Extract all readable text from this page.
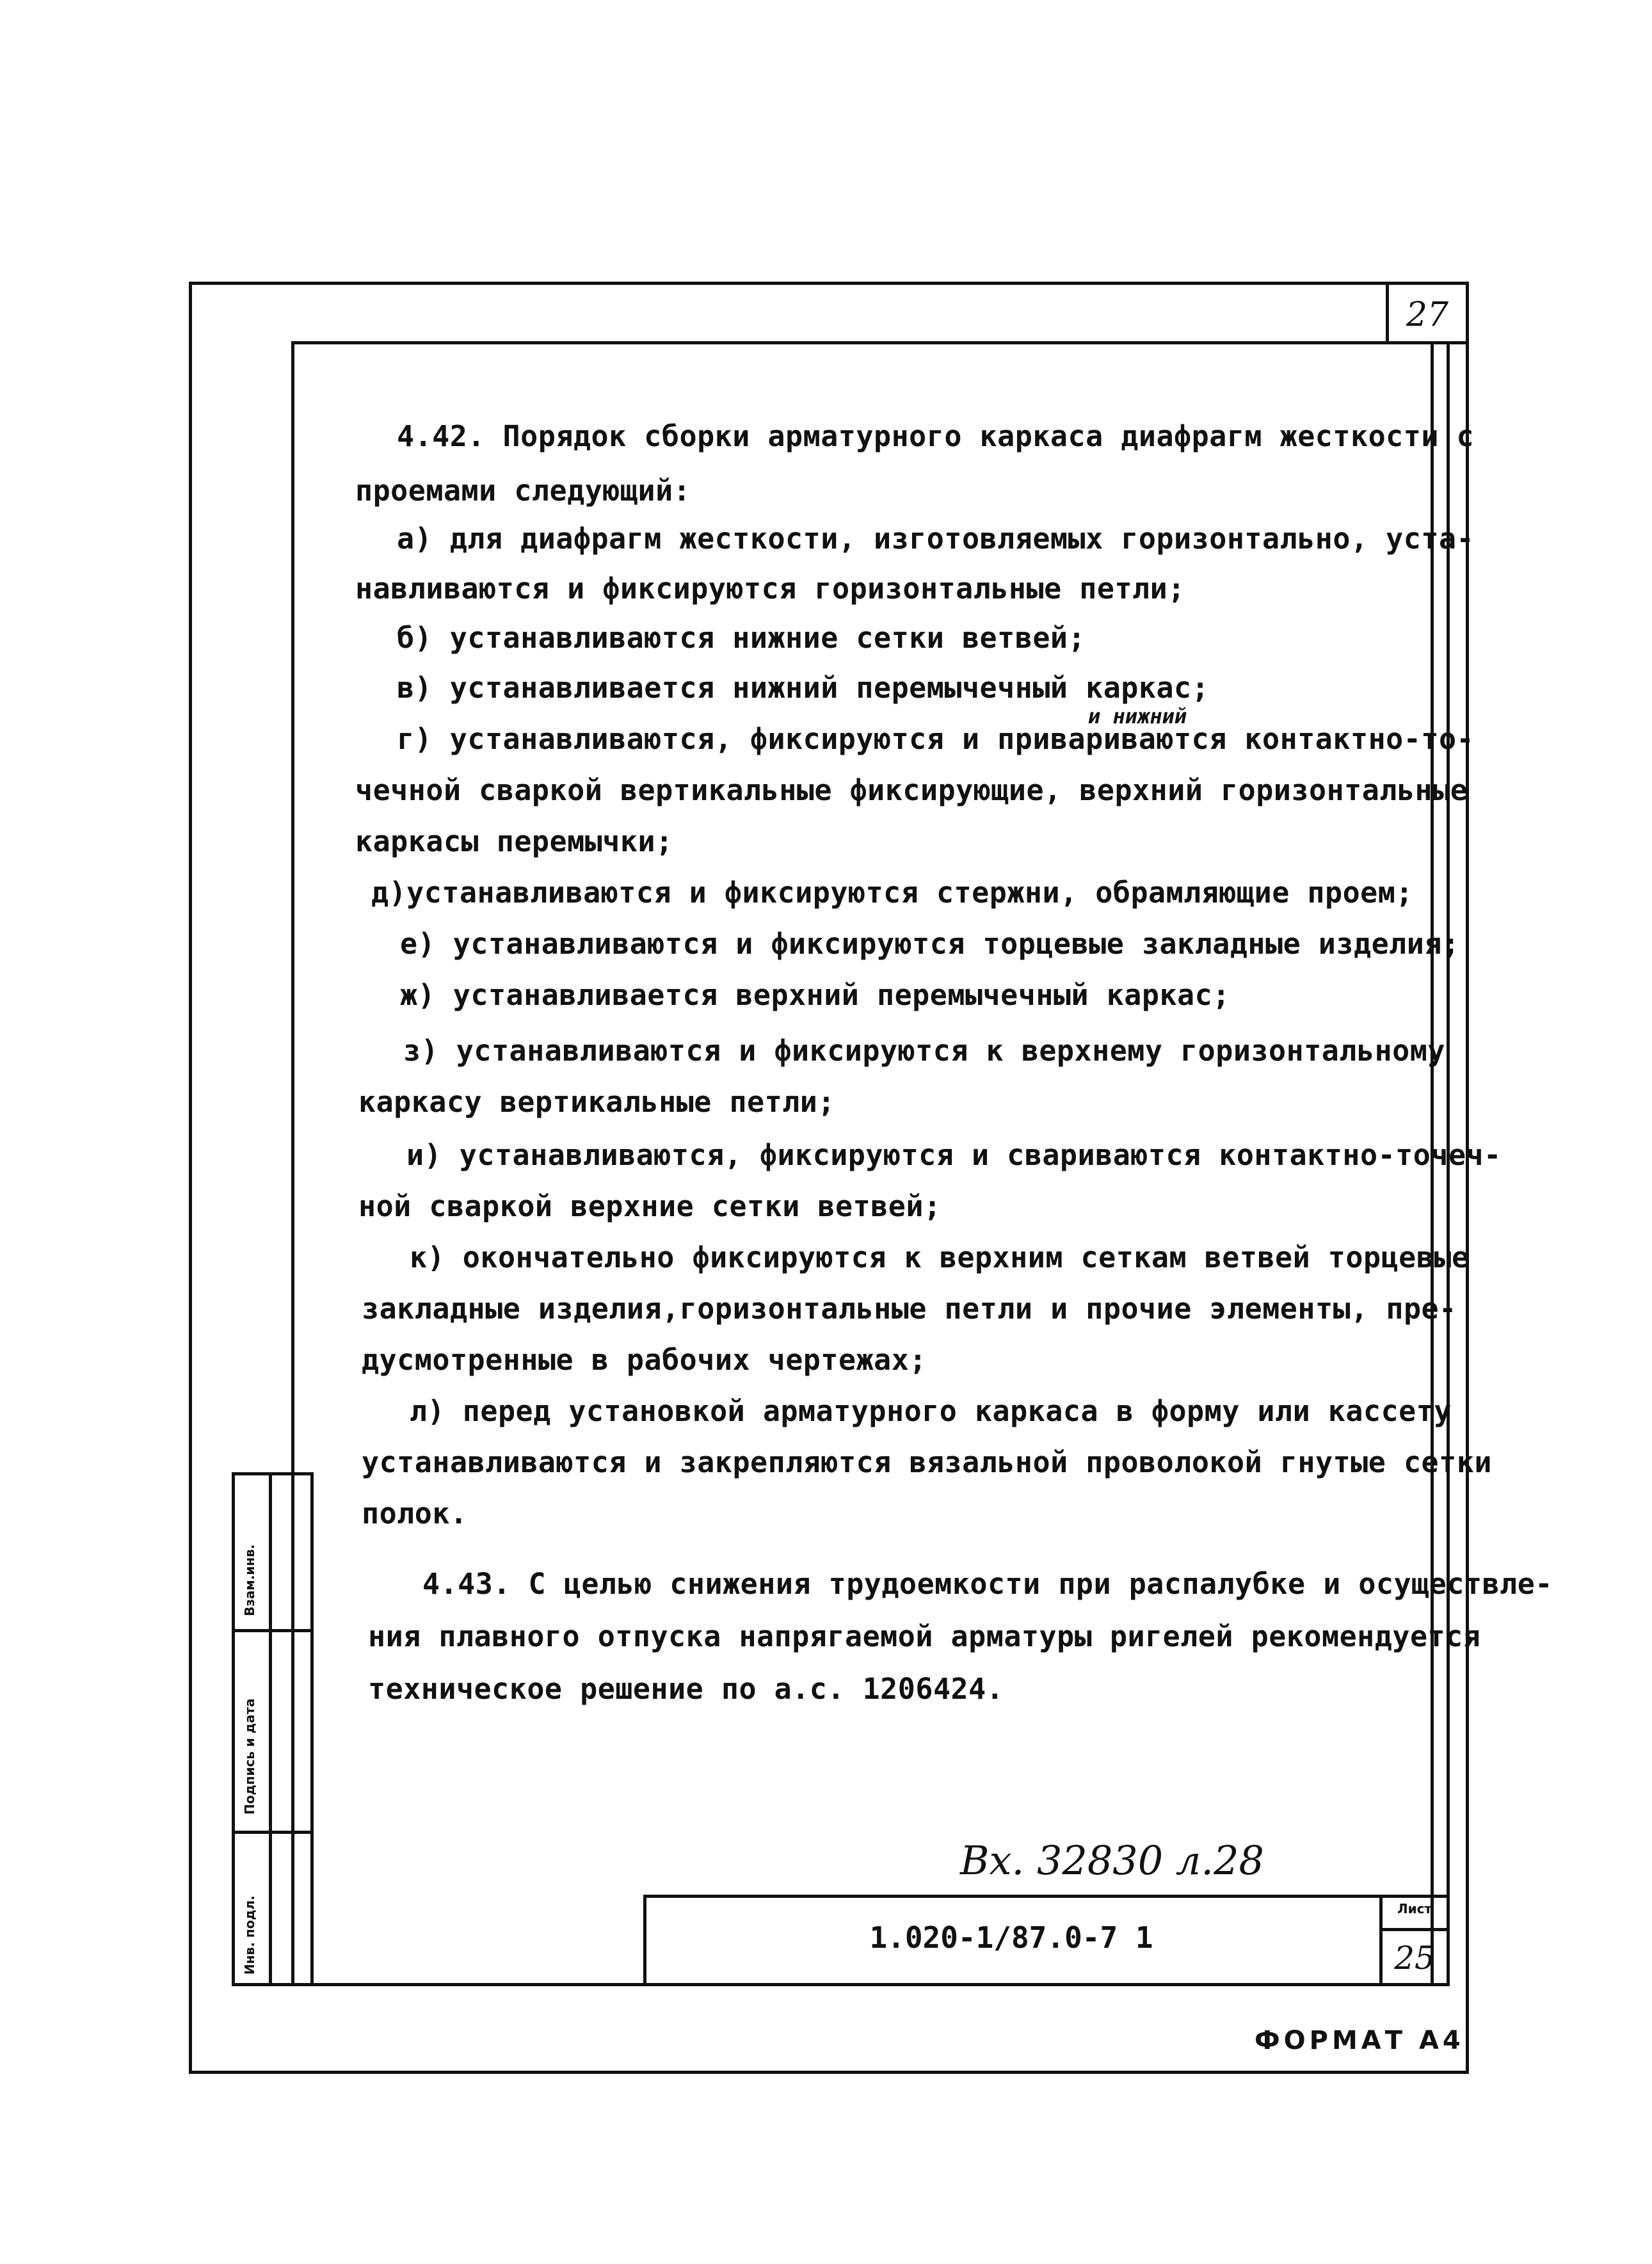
27
4.42. Порядок сборки арматурного каркаса диафрагм жесткости с
проемами следующий:
а) для диафрагм жесткости, изготовляемых горизонтально, уста-
навливаются и фиксируются горизонтальные петли;
б) устанавливаются нижние сетки ветвей;
в) устанавливается нижний перемычечный каркас;
и нижний
г) устанавливаются, фиксируются и привариваются контактно-то-
чечной сваркой вертикальные фиксирующие, верхний горизонтальные
каркасы перемычки;
д)устанавливаются и фиксируются стержни, обрамляющие проем;
е) устанавливаются и фиксируются торцевые закладные изделия;
ж) устанавливается верхний перемычечный каркас;
з) устанавливаются и фиксируются к верхнему горизонтальному
каркасу вертикальные петли;
и) устанавливаются, фиксируются и свариваются контактно-точеч-
ной сваркой верхние сетки ветвей;
к) окончательно фиксируются к верхним сеткам ветвей торцевые
закладные изделия,горизонтальные петли и прочие элементы, пре-
дусмотренные в рабочих чертежах;
л) перед установкой арматурного каркаса в форму или кассету
устанавливаются и закрепляются вязальной проволокой гнутые сетки
полок.
4.43. С целью снижения трудоемкости при распалубке и осуществле-
ния плавного отпуска напрягаемой арматуры ригелей рекомендуется
техническое решение по а.с. 1206424.
Инв. подл.
Подпись и дата
Взам.инв.
Вх. 32830 л.28
1.020-1/87.0-7 1
Лист
25
ФОРМАТ А4
